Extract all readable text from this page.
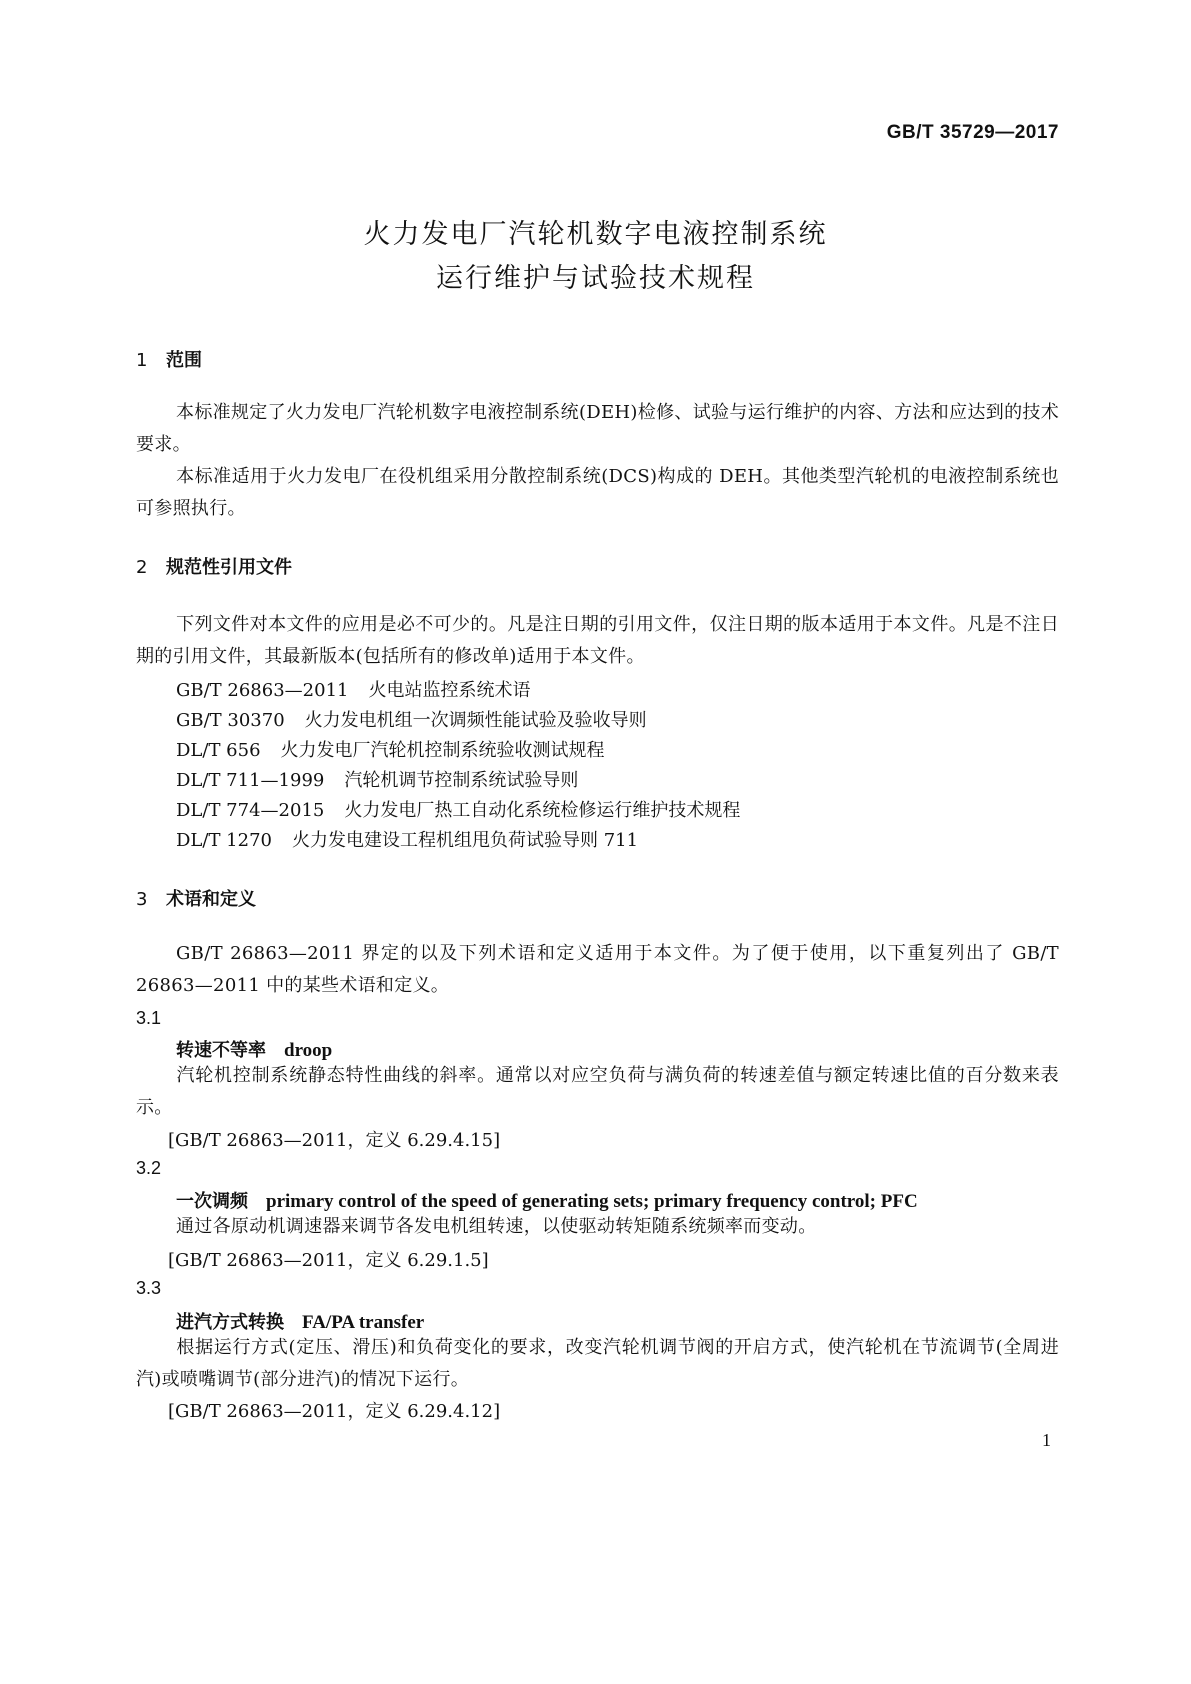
GB/T 35729—2017
火力发电厂汽轮机数字电液控制系统
运行维护与试验技术规程
1 范围
本标准规定了火力发电厂汽轮机数字电液控制系统(DEH)检修、试验与运行维护的内容、方法和应达到的技术要求。
本标准适用于火力发电厂在役机组采用分散控制系统(DCS)构成的 DEH。其他类型汽轮机的电液控制系统也可参照执行。
2 规范性引用文件
下列文件对本文件的应用是必不可少的。凡是注日期的引用文件，仅注日期的版本适用于本文件。凡是不注日期的引用文件，其最新版本(包括所有的修改单)适用于本文件。
GB/T 26863—2011 火电站监控系统术语
GB/T 30370 火力发电机组一次调频性能试验及验收导则
DL/T 656 火力发电厂汽轮机控制系统验收测试规程
DL/T 711—1999 汽轮机调节控制系统试验导则
DL/T 774—2015 火力发电厂热工自动化系统检修运行维护技术规程
DL/T 1270 火力发电建设工程机组甩负荷试验导则 711
3 术语和定义
GB/T 26863—2011 界定的以及下列术语和定义适用于本文件。为了便于使用，以下重复列出了 GB/T 26863—2011 中的某些术语和定义。
3.1
转速不等率 droop
汽轮机控制系统静态特性曲线的斜率。通常以对应空负荷与满负荷的转速差值与额定转速比值的百分数来表示。
[GB/T 26863—2011，定义 6.29.4.15]
3.2
一次调频 primary control of the speed of generating sets; primary frequency control; PFC
通过各原动机调速器来调节各发电机组转速，以使驱动转矩随系统频率而变动。
[GB/T 26863—2011，定义 6.29.1.5]
3.3
进汽方式转换 FA/PA transfer
根据运行方式(定压、滑压)和负荷变化的要求，改变汽轮机调节阀的开启方式，使汽轮机在节流调节(全周进汽)或喷嘴调节(部分进汽)的情况下运行。
[GB/T 26863—2011，定义 6.29.4.12]
1
